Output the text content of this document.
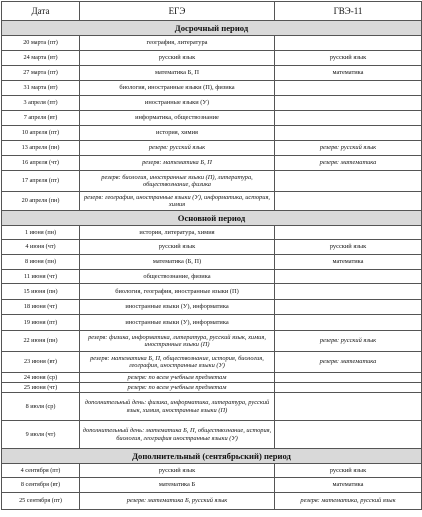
Дата	ЕГЭ	ГВЭ-11
Досрочный период		
20 марта (пт)	география, литература	
24 марта (вт)	русский язык	русский язык
27 марта (пт)	математика Б, П	математика
31 марта (вт)	биология, иностранные языки (П), физика	
3 апреля (пт)	иностранные языки (У)	
7 апреля (вт)	информатика, обществознание	
10 апреля (пт)	история, химия	
13 апреля (пн)	резерв: русский язык	резерв: русский язык
16 апреля (чт)	резерв: математика Б, П	резерв: математика
17 апреля (пт)	резерв: биология, иностранные языки (П), литература, обществознание, физика	
20 апреля (пн)	резерв: география, иностранные языки (У), информатика, история, химия	
Основной период		
1 июня (пн)	история, литература, химия	
4 июня (чт)	русский язык	русский язык
8 июня (пн)	математика (Б, П)	математика
11 июня (чт)	обществознание, физика	
15 июня (пн)	биология, география, иностранные языки (П)	
18 июня (чт)	иностранные языки (У), информатика	
19 июня (пт)	иностранные языки (У), информатика	
22 июня (пн)	резерв: физика, информатика, литература, русский язык, химия, иностранные языки (П)	резерв: русский язык
23 июня (вт)	резерв: математика Б, П, обществознание, история, биология, география, иностранные языки (У)	резерв: математика
24 июня (ср)	резерв: по всем учебным предметам	
25 июня (чт)	резерв: по всем учебным предметам	
8 июля (ср)	дополнительный день: физика, информатика, литература, русский язык, химия, иностранные языки (П)	
9 июля (чт)	дополнительный день: математика Б, П, обществознание, история, биология, география иностранные языки (У)	
Дополнительный (сентябрьский) период		
4 сентября (пт)	русский язык	русский язык
8 сентября (вт)	математика Б	математика
25 сентября (пт)	резерв: математика Б, русский язык	резерв: математика, русский язык
